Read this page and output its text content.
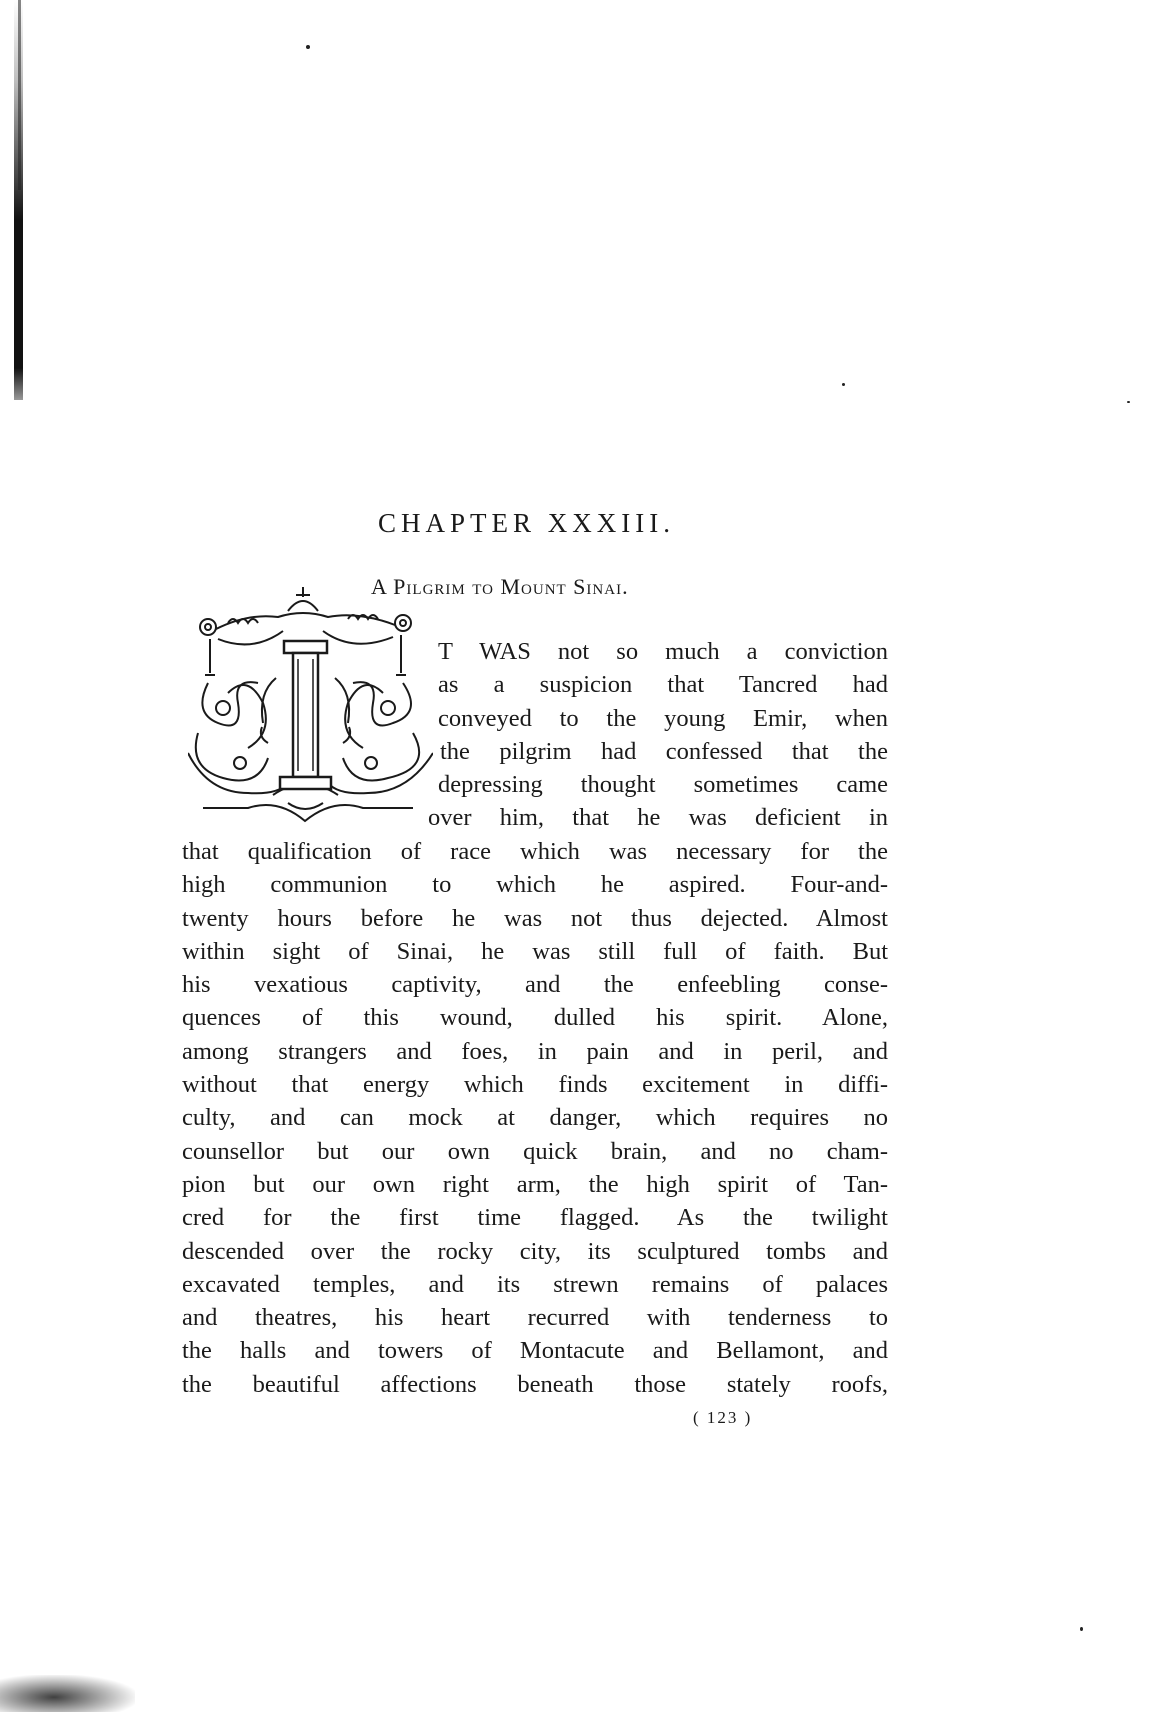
CHAPTER XXXIII.
A Pilgrim to Mount Sinai.
T WAS not so much a conviction
as a suspicion that Tancred had
conveyed to the young Emir, when
the pilgrim had confessed that the
depressing thought sometimes came
over him, that he was deficient in
that qualification of race which was necessary for the
high communion to which he aspired. Four-and-
twenty hours before he was not thus dejected. Almost
within sight of Sinai, he was still full of faith. But
his vexatious captivity, and the enfeebling conse-
quences of this wound, dulled his spirit. Alone,
among strangers and foes, in pain and in peril, and
without that energy which finds excitement in diffi-
culty, and can mock at danger, which requires no
counsellor but our own quick brain, and no cham-
pion but our own right arm, the high spirit of Tan-
cred for the first time flagged. As the twilight
descended over the rocky city, its sculptured tombs and
excavated temples, and its strewn remains of palaces
and theatres, his heart recurred with tenderness to
the halls and towers of Montacute and Bellamont, and
the beautiful affections beneath those stately roofs,
( 123 )
